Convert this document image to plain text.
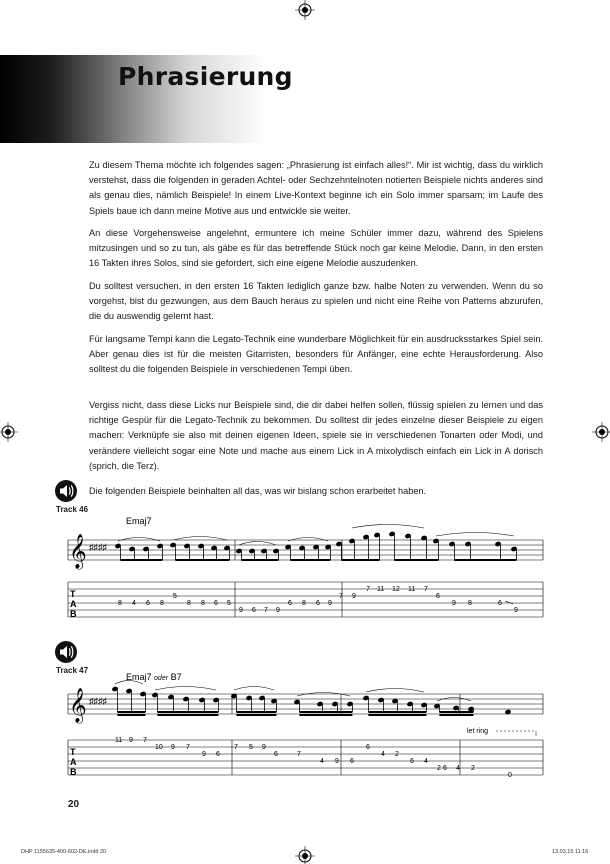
Phrasierung
Zu diesem Thema möchte ich folgendes sagen: „Phrasierung ist einfach alles!“. Mir ist wichtig, dass du wirklich verstehst, dass die folgenden in geraden Achtel- oder Sechzehntelnoten notierten Beispiele nichts anderes sind als genau dies, nämlich Beispiele! In einem Live-Kontext beginne ich ein Solo immer sparsam; im Laufe des Spiels baue ich dann meine Motive aus und entwickle sie weiter.
An diese Vorgehensweise angelehnt, ermuntere ich meine Schüler immer dazu, während des Spielens mitzusingen und so zu tun, als gäbe es für das betreffende Stück noch gar keine Melodie. Dann, in den ersten 16 Takten ihres Solos, sind sie gefordert, sich eine eigene Melodie auszudenken.
Du solltest versuchen, in den ersten 16 Takten lediglich ganze bzw. halbe Noten zu verwenden. Wenn du so vorgehst, bist du gezwungen, aus dem Bauch heraus zu spielen und nicht eine Reihe von Patterns abzurufen, die du auswendig gelernt hast.
Für langsame Tempi kann die Legato-Technik eine wunderbare Möglichkeit für ein ausdrucksstarkes Spiel sein. Aber genau dies ist für die meisten Gitarristen, besonders für Anfänger, eine echte Herausforderung. Also solltest du die folgenden Beispiele in verschiedenen Tempi üben.
Vergiss nicht, dass diese Licks nur Beispiele sind, die dir dabei helfen sollen, flüssig spielen zu lernen und das richtige Gespür für die Legato-Technik zu bekommen. Du solltest dir jedes einzelne dieser Beispiele zu eigen machen: Verknüpfe sie also mit deinen eigenen Ideen, spiele sie in verschiedenen Tonarten oder Modi, und verändere vielleicht sogar eine Note und mache aus einem Lick in A mixolydisch einfach ein Lick in A dorisch (sprich, die Terz).
Die folgenden Beispiele beinhalten all das, was wir bislang schon erarbeitet haben.
Track 46
Emaj7
𝄞 ♯♯♯♯
T
A
B
8 4 6 8
5
8 8 6 5
9 6 7 9
6 8 6 9
7 9
7 11 12 11 7
6
9 8	6
9
Track 47
Emaj7 oder B7
𝄞 ♯♯♯♯
let ring
T
A
B
11 9 7
10 9 7
9 6
7 5 9
6	7
4 9 6
6
4 2
6 4
2 6 4 2
0
20
DHP 1155635-400-602-DE.indd 20	13.03.15 11:16
